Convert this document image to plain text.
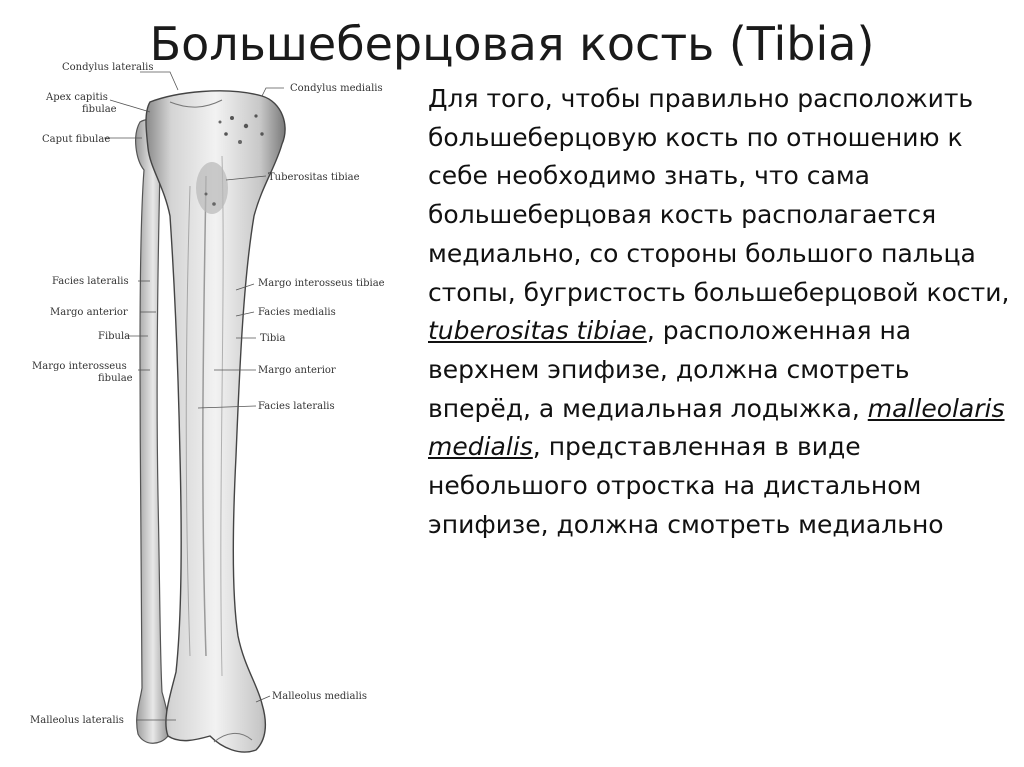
Большеберцовая кость (Tibia)
Condylus lateralis
Apex capitis
fibulae
Caput fibulae
Facies lateralis
Margo anterior
Fibula
Margo interosseus
fibulae
Malleolus lateralis
Condylus medialis
Tuberositas tibiae
Margo interosseus tibiae
Facies medialis
Tibia
Margo anterior
Facies lateralis
Malleolus medialis

Для того, чтобы правильно расположить большеберцовую кость по отношению к себе необходимо знать, что сама большеберцовая кость располагается медиально, со стороны большого пальца стопы, бугристость большеберцовой кости, tuberositas tibiae, расположенная на верхнем эпифизе, должна смотреть вперёд, а медиальная лодыжка, malleolaris medialis, представленная в виде небольшого отростка на дистальном эпифизе, должна смотреть медиально
